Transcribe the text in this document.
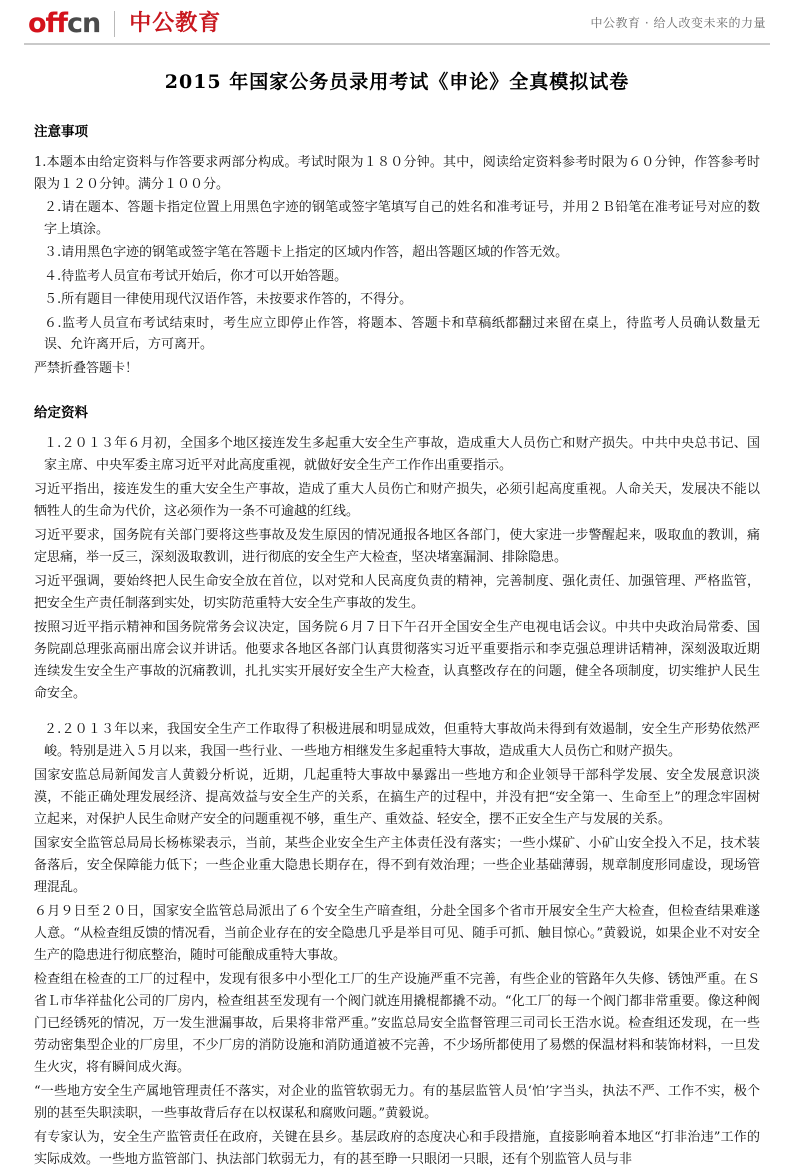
off cn 中公教育	中公教育 · 给人改变未来的力量
2015 年国家公务员录用考试《申论》全真模拟试卷
注意事项

1.本题本由给定资料与作答要求两部分构成。考试时限为１８０分钟。其中，阅读给定资料参考时限为６０分钟，作答参考时限为１２０分钟。满分１００分。

２.请在题本、答题卡指定位置上用黑色字迹的钢笔或签字笔填写自己的姓名和准考证号，并用２Ｂ铅笔在准考证号对应的数字上填涂。

３.请用黑色字迹的钢笔或签字笔在答题卡上指定的区域内作答，超出答题区域的作答无效。

４.待监考人员宣布考试开始后，你才可以开始答题。

５.所有题目一律使用现代汉语作答，未按要求作答的，不得分。

６.监考人员宣布考试结束时，考生应立即停止作答，将题本、答题卡和草稿纸都翻过来留在桌上，待监考人员确认数量无误、允许离开后，方可离开。

严禁折叠答题卡！

给定资料

１.２０１３年６月初，全国多个地区接连发生多起重大安全生产事故，造成重大人员伤亡和财产损失。中共中央总书记、国家主席、中央军委主席习近平对此高度重视，就做好安全生产工作作出重要指示。

习近平指出，接连发生的重大安全生产事故，造成了重大人员伤亡和财产损失，必须引起高度重视。人命关天，发展决不能以牺牲人的生命为代价，这必须作为一条不可逾越的红线。

习近平要求，国务院有关部门要将这些事故及发生原因的情况通报各地区各部门，使大家进一步警醒起来，吸取血的教训，痛定思痛，举一反三，深刻汲取教训，进行彻底的安全生产大检查，坚决堵塞漏洞、排除隐患。

习近平强调，要始终把人民生命安全放在首位，以对党和人民高度负责的精神，完善制度、强化责任、加强管理、严格监管，把安全生产责任制落到实处，切实防范重特大安全生产事故的发生。

按照习近平指示精神和国务院常务会议决定，国务院６月７日下午召开全国安全生产电视电话会议。中共中央政治局常委、国务院副总理张高丽出席会议并讲话。他要求各地区各部门认真贯彻落实习近平重要指示和李克强总理讲话精神，深刻汲取近期连续发生安全生产事故的沉痛教训，扎扎实实开展好安全生产大检查，认真整改存在的问题，健全各项制度，切实维护人民生命安全。

２.２０１３年以来，我国安全生产工作取得了积极进展和明显成效，但重特大事故尚未得到有效遏制，安全生产形势依然严峻。特别是进入５月以来，我国一些行业、一些地方相继发生多起重特大事故，造成重大人员伤亡和财产损失。

国家安监总局新闻发言人黄毅分析说，近期，几起重特大事故中暴露出一些地方和企业领导干部科学发展、安全发展意识淡漠，不能正确处理发展经济、提高效益与安全生产的关系，在搞生产的过程中，并没有把“安全第一、生命至上”的理念牢固树立起来，对保护人民生命财产安全的问题重视不够，重生产、重效益、轻安全，摆不正安全生产与发展的关系。

国家安全监管总局局长杨栋梁表示，当前，某些企业安全生产主体责任没有落实；一些小煤矿、小矿山安全投入不足，技术装备落后，安全保障能力低下；一些企业重大隐患长期存在，得不到有效治理；一些企业基础薄弱，规章制度形同虚设，现场管理混乱。

６月９日至２０日，国家安全监管总局派出了６个安全生产暗查组，分赴全国多个省市开展安全生产大检查，但检查结果难遂人意。“从检查组反馈的情况看，当前企业存在的安全隐患几乎是举目可见、随手可抓、触目惊心。”黄毅说，如果企业不对安全生产的隐患进行彻底整治，随时可能酿成重特大事故。

检查组在检查的工厂的过程中，发现有很多中小型化工厂的生产设施严重不完善，有些企业的管路年久失修、锈蚀严重。在Ｓ省Ｌ市华祥盐化公司的厂房内，检查组甚至发现有一个阀门就连用撬棍都撬不动。“化工厂的每一个阀门都非常重要。像这种阀门已经锈死的情况，万一发生泄漏事故，后果将非常严重。”安监总局安全监督管理三司司长王浩水说。检查组还发现，在一些劳动密集型企业的厂房里，不少厂房的消防设施和消防通道被不完善，不少场所都使用了易燃的保温材料和装饰材料，一旦发生火灾，将有瞬间成火海。

“一些地方安全生产属地管理责任不落实，对企业的监管软弱无力。有的基层监管人员‘怕’字当头，执法不严、工作不实，极个别的甚至失职渎职，一些事故背后存在以权谋私和腐败问题。”黄毅说。

有专家认为，安全生产监管责任在政府，关键在县乡。基层政府的态度决心和手段措施，直接影响着本地区“打非治违”工作的实际成效。一些地方监管部门、执法部门软弱无力，有的甚至睁一只眼闭一只眼，还有个别监管人员与非
